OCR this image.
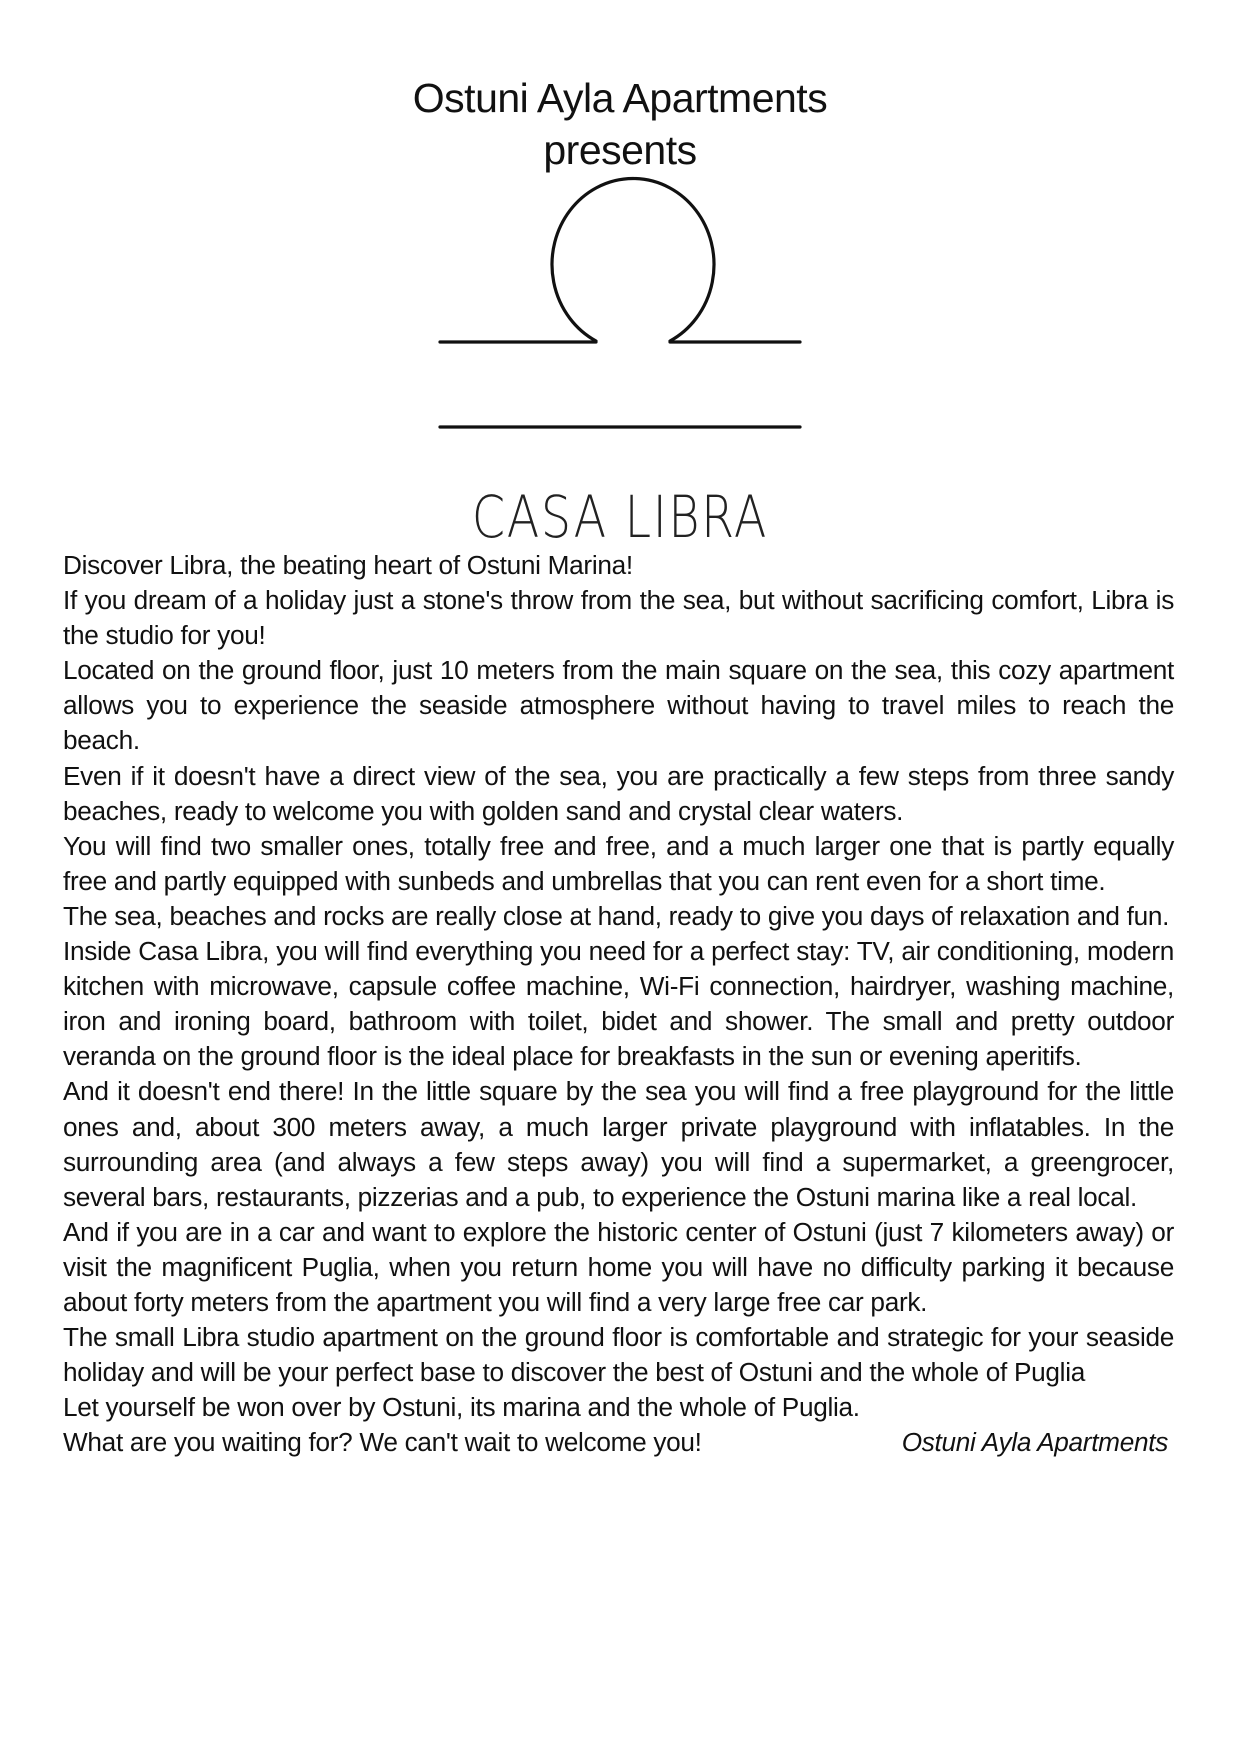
Ostuni Ayla Apartments
presents
CASA LIBRA

Discover Libra, the beating heart of Ostuni Marina!

If you dream of a holiday just a stone's throw from the sea, but without sacrificing comfort, Libra is the studio for you!

Located on the ground floor, just 10 meters from the main square on the sea, this cozy apartment allows you to experience the seaside atmosphere without having to travel miles to reach the beach.

Even if it doesn't have a direct view of the sea, you are practically a few steps from three sandy beaches, ready to welcome you with golden sand and crystal clear waters.

You will find two smaller ones, totally free and free, and a much larger one that is partly equally free and partly equipped with sunbeds and umbrellas that you can rent even for a short time.

The sea, beaches and rocks are really close at hand, ready to give you days of relaxation and fun.

Inside Casa Libra, you will find everything you need for a perfect stay: TV, air conditioning, modern kitchen with microwave, capsule coffee machine, Wi-Fi connection, hairdryer, washing machine, iron and ironing board, bathroom with toilet, bidet and shower. The small and pretty outdoor veranda on the ground floor is the ideal place for breakfasts in the sun or evening aperitifs.

And it doesn't end there! In the little square by the sea you will find a free playground for the little ones and, about 300 meters away, a much larger private playground with inflatables. In the surrounding area (and always a few steps away) you will find a supermarket, a greengrocer, several bars, restaurants, pizzerias and a pub, to experience the Ostuni marina like a real local.

And if you are in a car and want to explore the historic center of Ostuni (just 7 kilometers away) or visit the magnificent Puglia, when you return home you will have no difficulty parking it because about forty meters from the apartment you will find a very large free car park.

The small Libra studio apartment on the ground floor is comfortable and strategic for your seaside holiday and will be your perfect base to discover the best of Ostuni and the whole of Puglia

Let yourself be won over by Ostuni, its marina and the whole of Puglia.

What are you waiting for? We can't wait to welcome you!	Ostuni Ayla Apartments
